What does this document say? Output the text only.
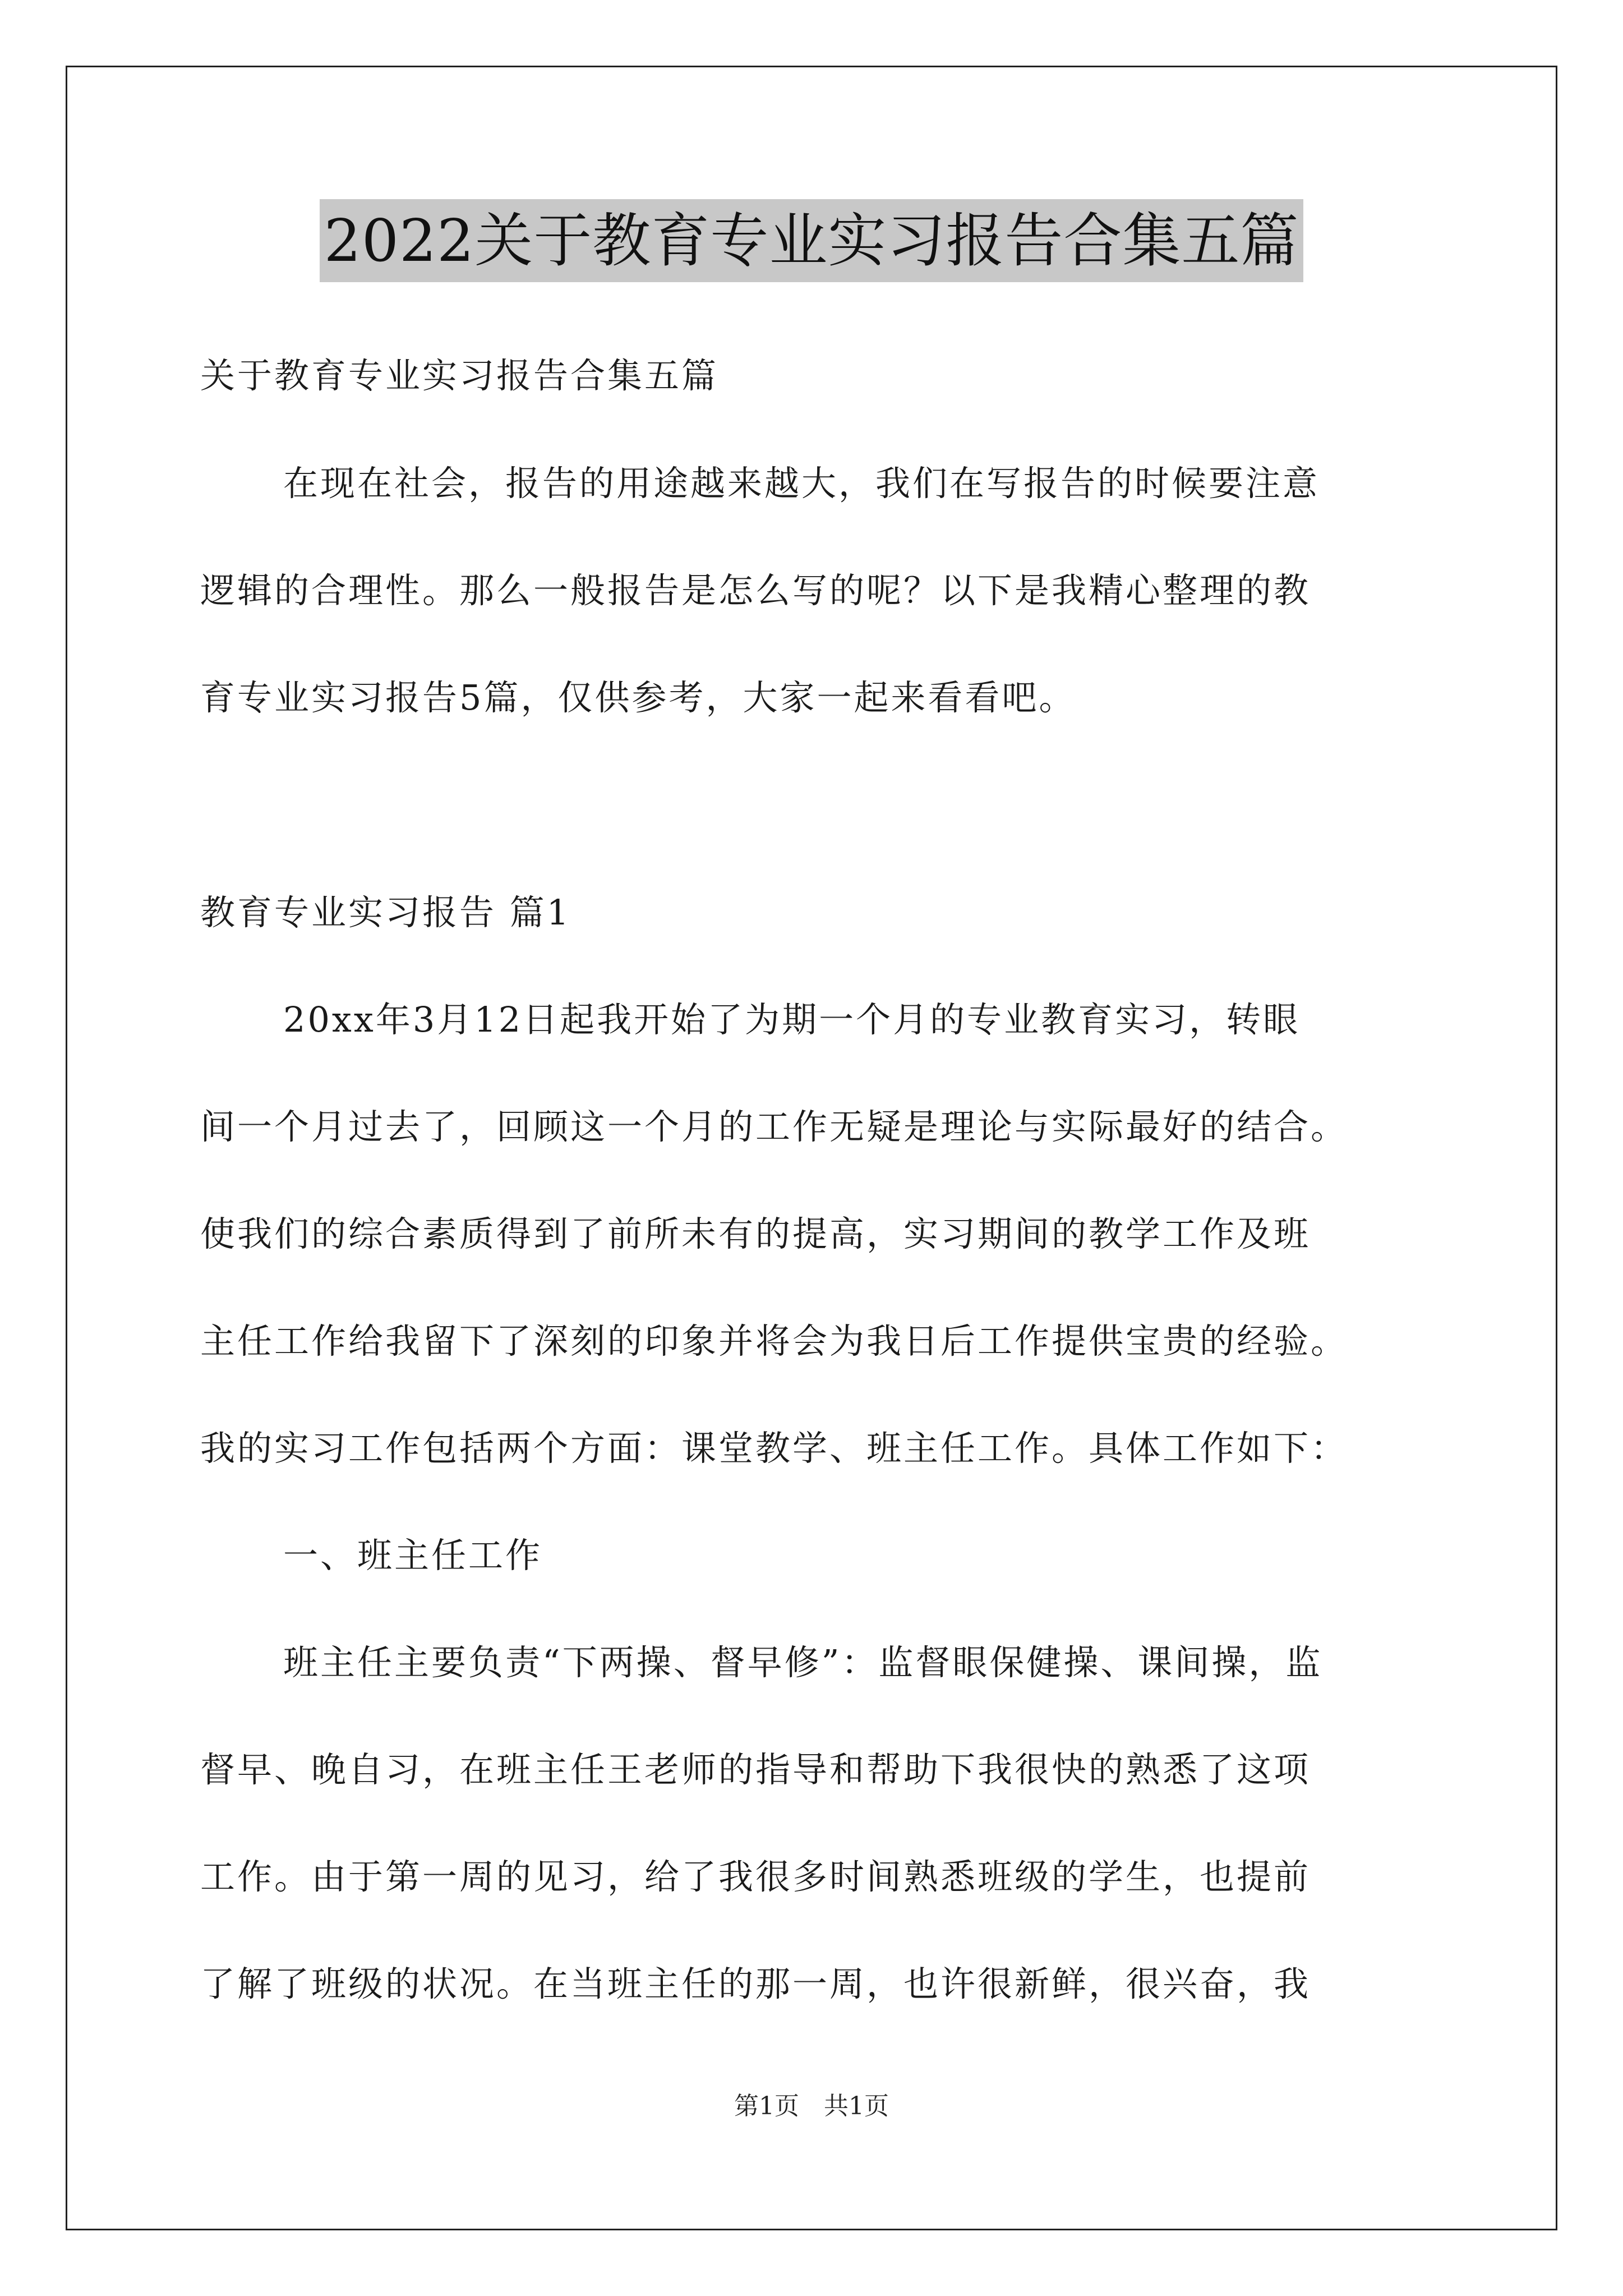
2022关于教育专业实习报告合集五篇
关于教育专业实习报告合集五篇
在现在社会，报告的用途越来越大，我们在写报告的时候要注意
逻辑的合理性。那么一般报告是怎么写的呢？以下是我精心整理的教
育专业实习报告5篇，仅供参考，大家一起来看看吧。
教育专业实习报告 篇1
20xx年3月12日起我开始了为期一个月的专业教育实习，转眼
间一个月过去了，回顾这一个月的工作无疑是理论与实际最好的结合。
使我们的综合素质得到了前所未有的提高，实习期间的教学工作及班
主任工作给我留下了深刻的印象并将会为我日后工作提供宝贵的经验。
我的实习工作包括两个方面：课堂教学、班主任工作。具体工作如下：
一、班主任工作
班主任主要负责“下两操、督早修”：监督眼保健操、课间操，监
督早、晚自习，在班主任王老师的指导和帮助下我很快的熟悉了这项
工作。由于第一周的见习，给了我很多时间熟悉班级的学生，也提前
了解了班级的状况。在当班主任的那一周，也许很新鲜，很兴奋，我
第1页　共1页
